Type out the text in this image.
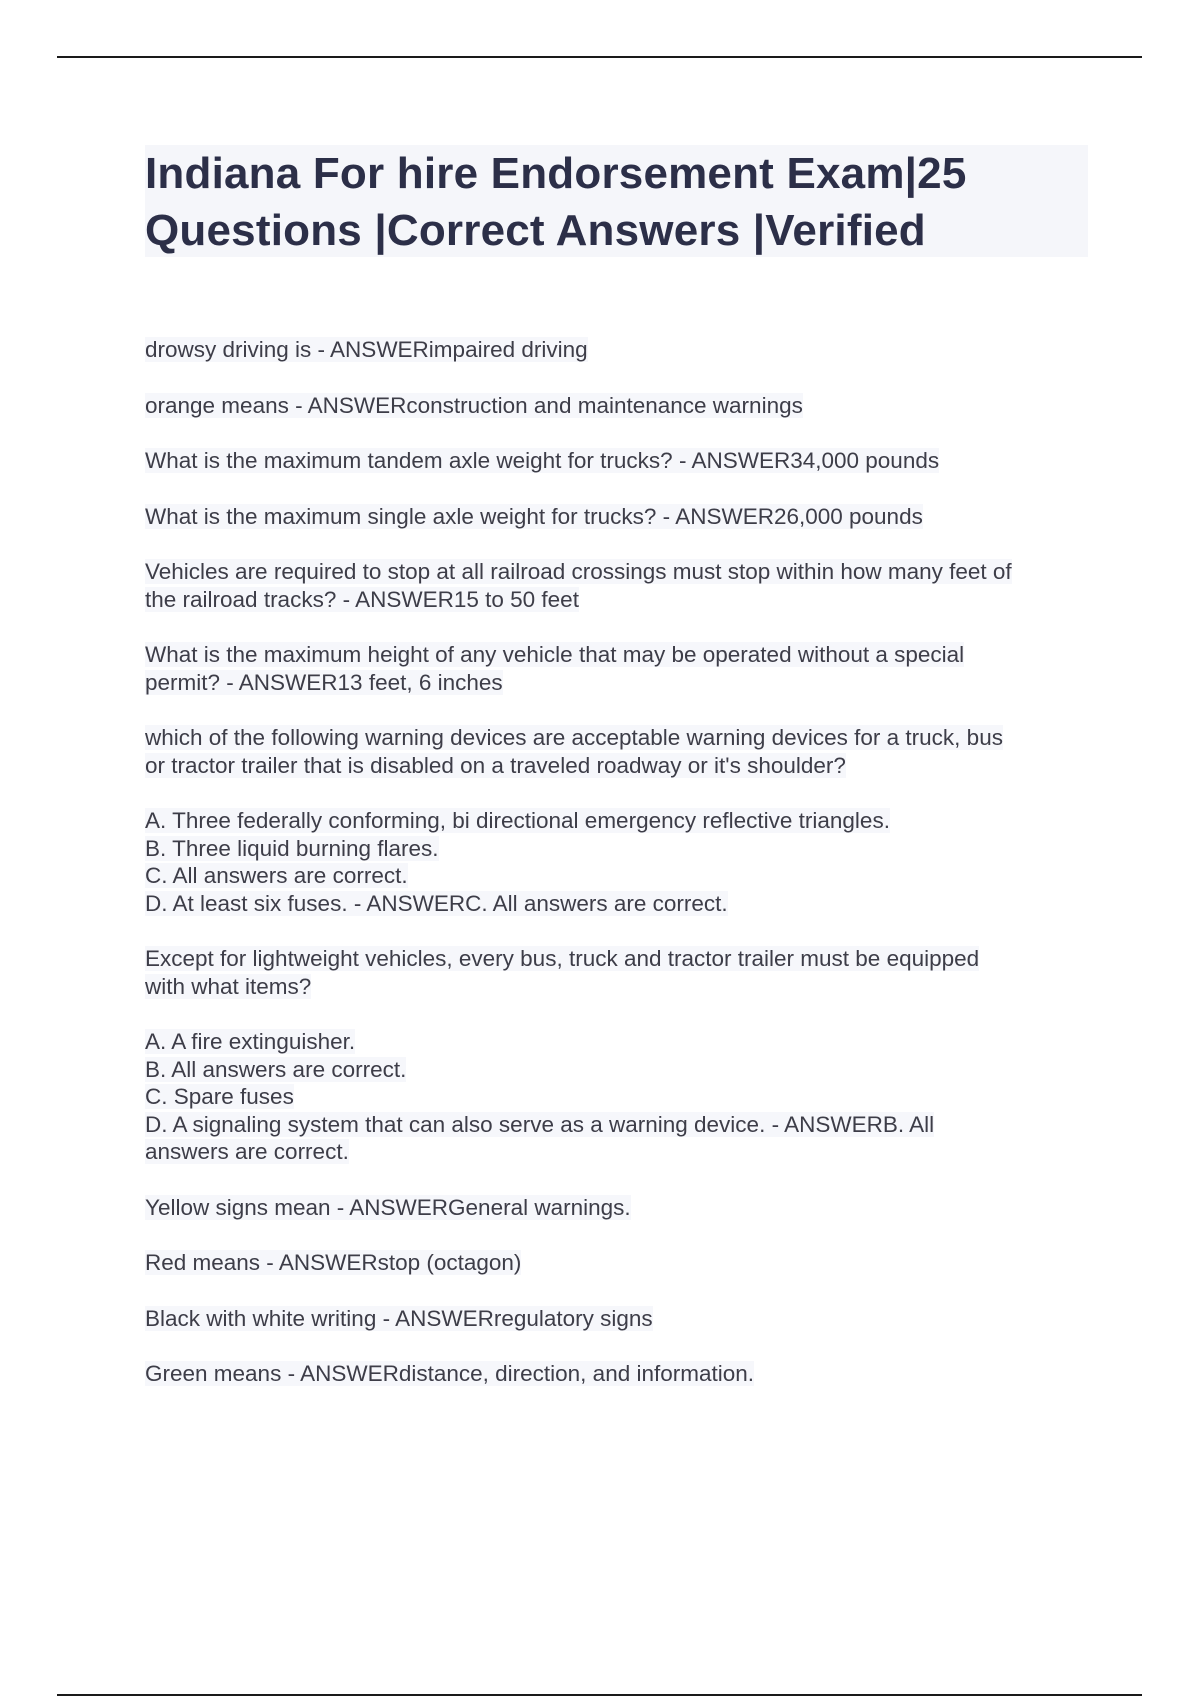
Indiana For hire Endorsement Exam|25
Questions |Correct Answers |Verified

drowsy driving is - ANSWERimpaired driving

orange means - ANSWERconstruction and maintenance warnings

What is the maximum tandem axle weight for trucks? - ANSWER34,000 pounds

What is the maximum single axle weight for trucks? - ANSWER26,000 pounds

Vehicles are required to stop at all railroad crossings must stop within how many feet of
the railroad tracks? - ANSWER15 to 50 feet

What is the maximum height of any vehicle that may be operated without a special
permit? - ANSWER13 feet, 6 inches

which of the following warning devices are acceptable warning devices for a truck, bus
or tractor trailer that is disabled on a traveled roadway or it's shoulder?

A. Three federally conforming, bi directional emergency reflective triangles.
B. Three liquid burning flares.
C. All answers are correct.
D. At least six fuses. - ANSWERC. All answers are correct.

Except for lightweight vehicles, every bus, truck and tractor trailer must be equipped
with what items?

A. A fire extinguisher.
B. All answers are correct.
C. Spare fuses
D. A signaling system that can also serve as a warning device. - ANSWERB. All
answers are correct.

Yellow signs mean - ANSWERGeneral warnings.

Red means - ANSWERstop (octagon)

Black with white writing - ANSWERregulatory signs

Green means - ANSWERdistance, direction, and information.
